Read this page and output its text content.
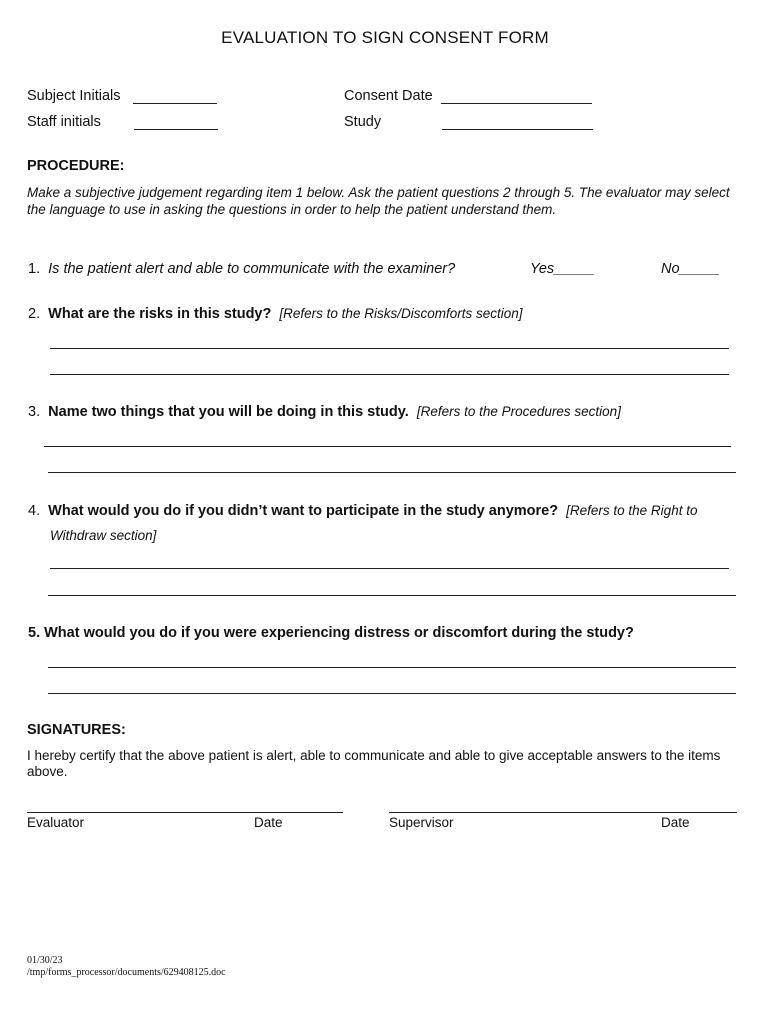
EVALUATION TO SIGN CONSENT FORM
Subject Initials	Consent Date
Staff initials	Study
PROCEDURE:
Make a subjective judgement regarding item 1 below. Ask the patient questions 2 through 5. The evaluator may select the language to use in asking the questions in order to help the patient understand them.
1. Is the patient alert and able to communicate with the examiner?	Yes_____	No_____
2. What are the risks in this study? [Refers to the Risks/Discomforts section]
3. Name two things that you will be doing in this study. [Refers to the Procedures section]
4. What would you do if you didn’t want to participate in the study anymore? [Refers to the Right to
Withdraw section]
5. What would you do if you were experiencing distress or discomfort during the study?
SIGNATURES:
I hereby certify that the above patient is alert, able to communicate and able to give acceptable answers to the items above.
Evaluator	Date	Supervisor	Date
01/30/23
/tmp/forms_processor/documents/629408125.doc
